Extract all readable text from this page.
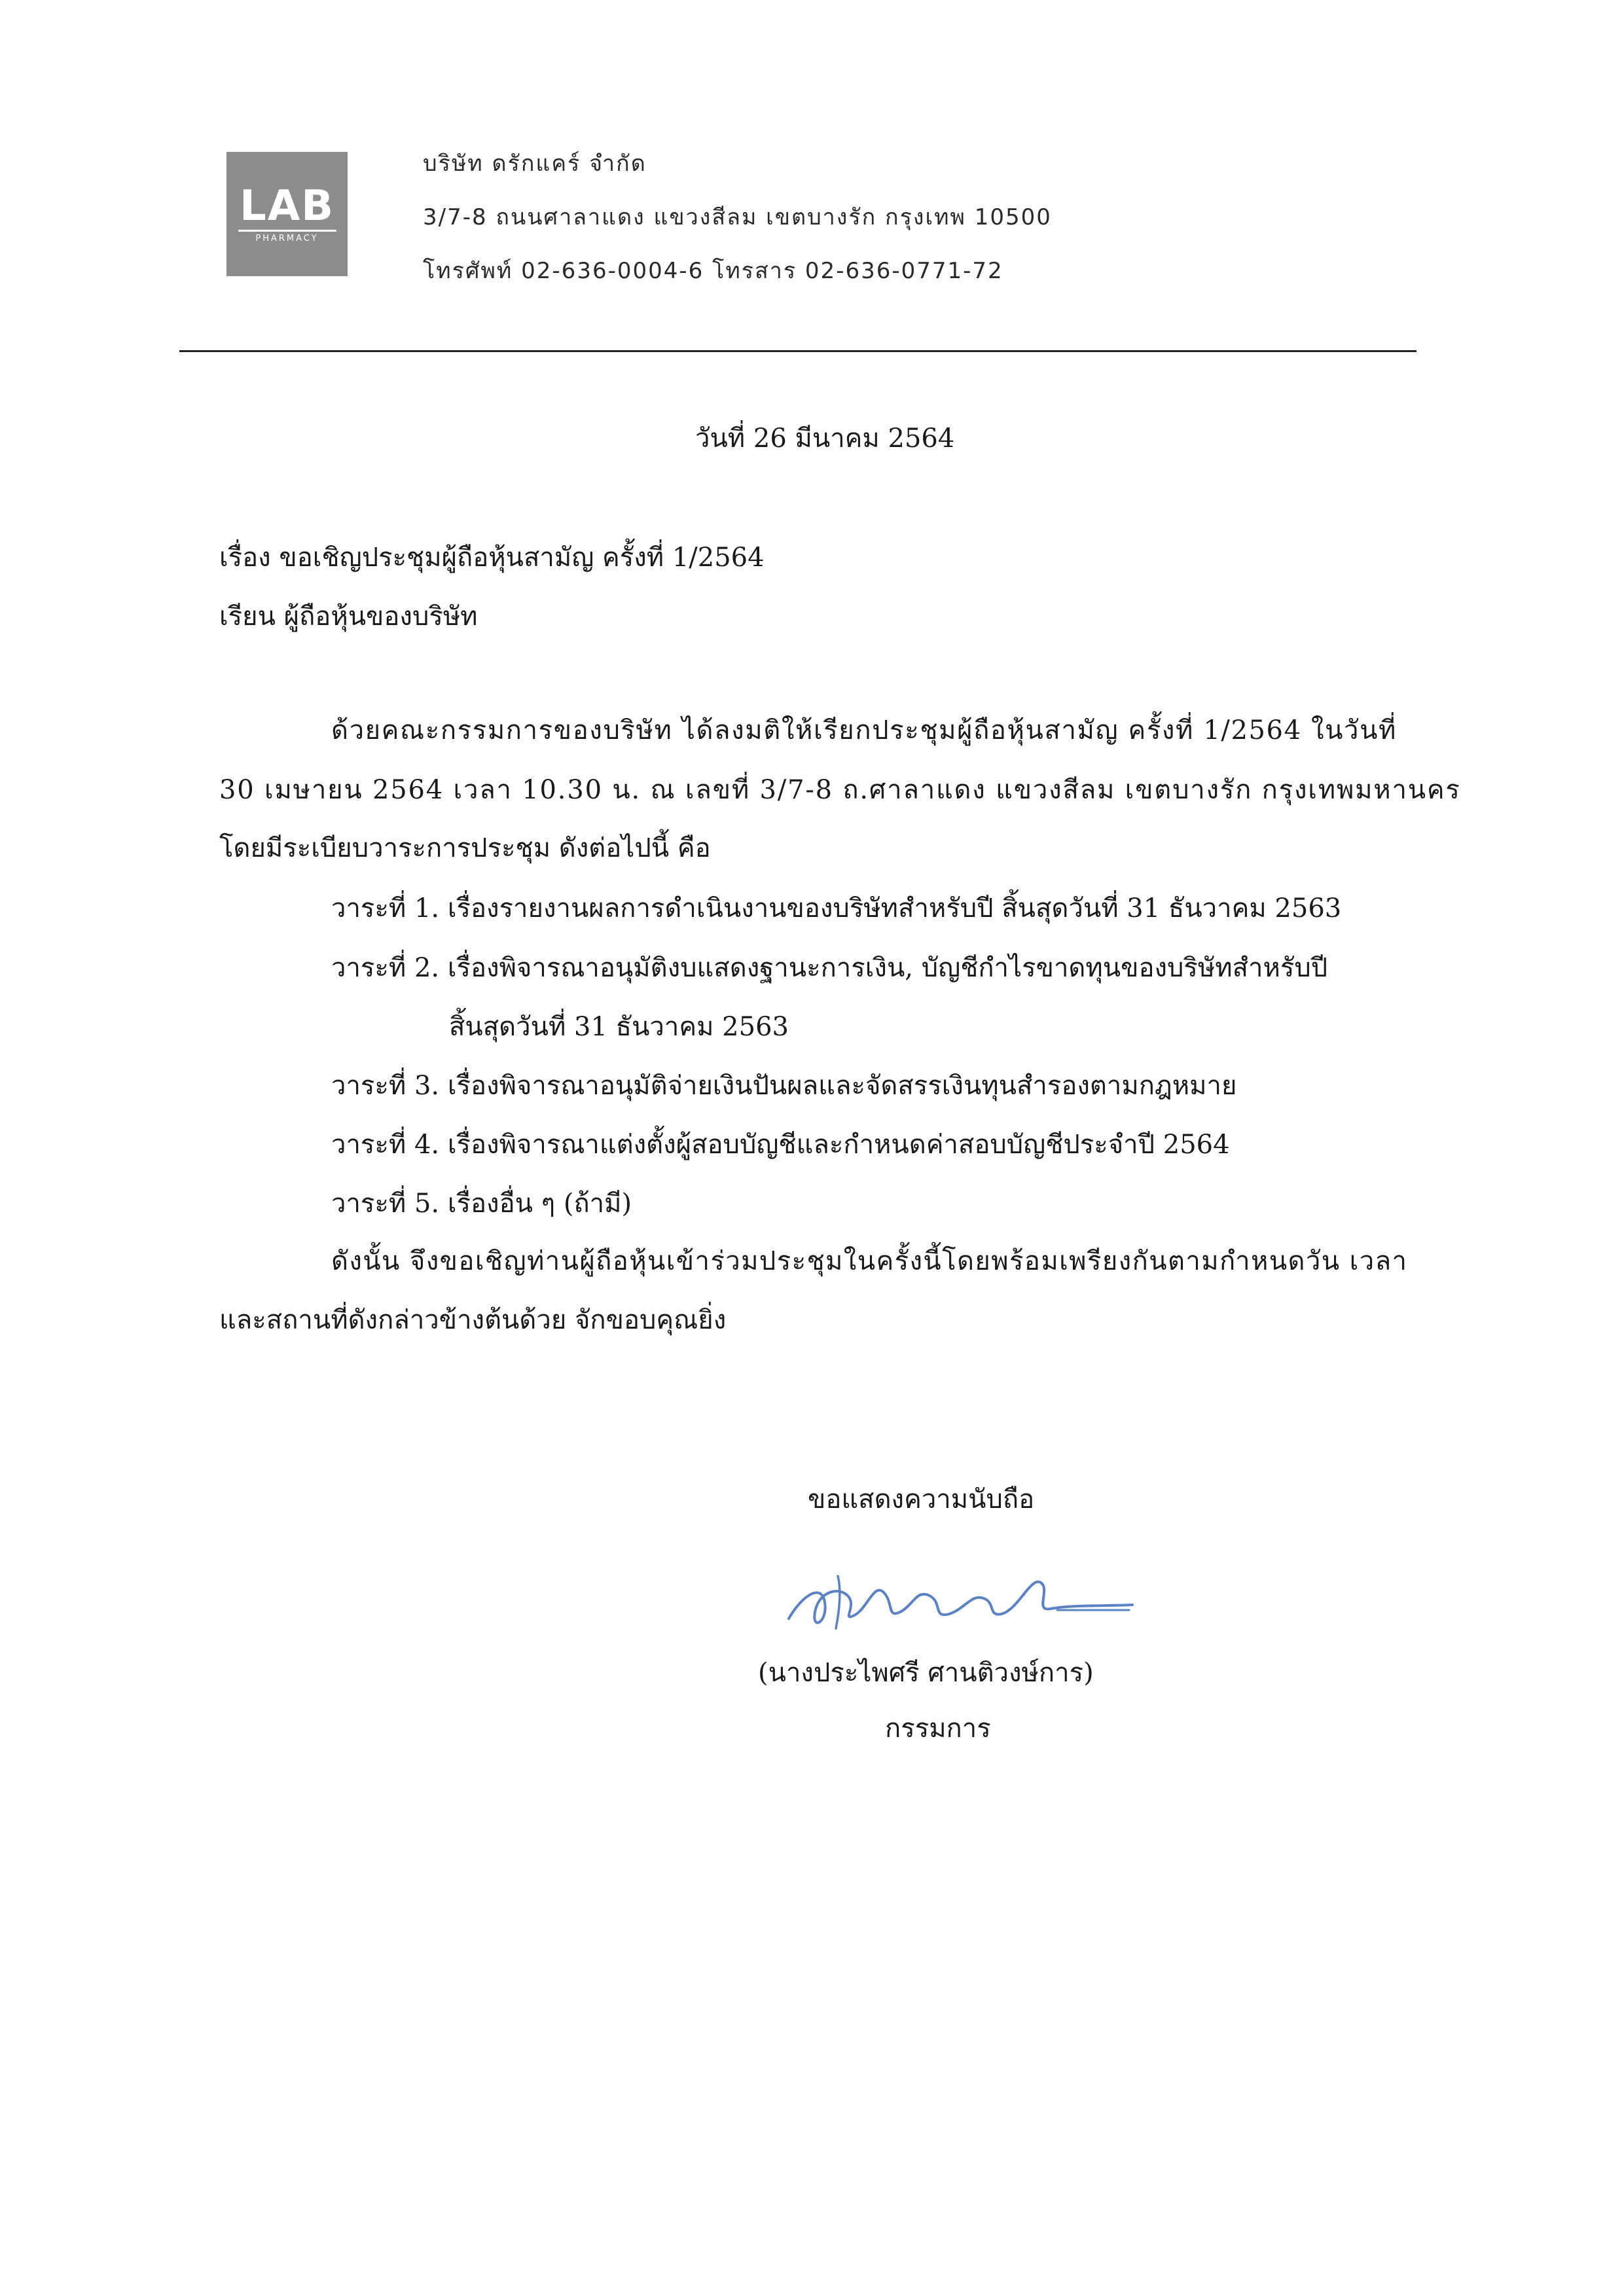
LAB
PHARMACY
บริษัท ดรักแคร์ จำกัด
3/7-8 ถนนศาลาแดง แขวงสีลม เขตบางรัก กรุงเทพ 10500
โทรศัพท์ 02-636-0004-6 โทรสาร 02-636-0771-72
วันที่ 26 มีนาคม 2564
เรื่อง ขอเชิญประชุมผู้ถือหุ้นสามัญ ครั้งที่ 1/2564
เรียน ผู้ถือหุ้นของบริษัท
ด้วยคณะกรรมการของบริษัท ได้ลงมติให้เรียกประชุมผู้ถือหุ้นสามัญ ครั้งที่ 1/2564 ในวันที่
30 เมษายน 2564 เวลา 10.30 น. ณ เลขที่ 3/7-8 ถ.ศาลาแดง แขวงสีลม เขตบางรัก กรุงเทพมหานคร
โดยมีระเบียบวาระการประชุม ดังต่อไปนี้ คือ
วาระที่ 1. เรื่องรายงานผลการดำเนินงานของบริษัทสำหรับปี สิ้นสุดวันที่ 31 ธันวาคม 2563
วาระที่ 2. เรื่องพิจารณาอนุมัติงบแสดงฐานะการเงิน, บัญชีกำไรขาดทุนของบริษัทสำหรับปี
สิ้นสุดวันที่ 31 ธันวาคม 2563
วาระที่ 3. เรื่องพิจารณาอนุมัติจ่ายเงินปันผลและจัดสรรเงินทุนสำรองตามกฎหมาย
วาระที่ 4. เรื่องพิจารณาแต่งตั้งผู้สอบบัญชีและกำหนดค่าสอบบัญชีประจำปี 2564
วาระที่ 5. เรื่องอื่น ๆ (ถ้ามี)
ดังนั้น จึงขอเชิญท่านผู้ถือหุ้นเข้าร่วมประชุมในครั้งนี้โดยพร้อมเพรียงกันตามกำหนดวัน เวลา
และสถานที่ดังกล่าวข้างต้นด้วย จักขอบคุณยิ่ง
ขอแสดงความนับถือ
(นางประไพศรี ศานติวงษ์การ)
กรรมการ
